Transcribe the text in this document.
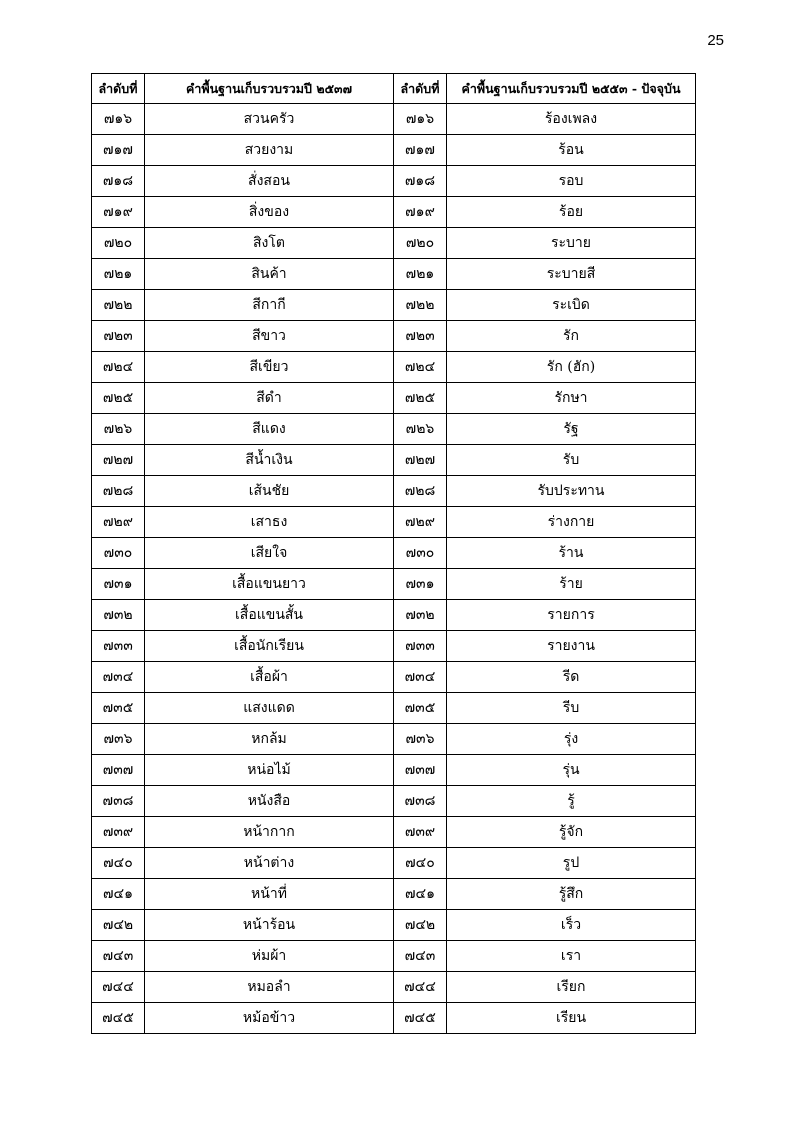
25
ลำดับที่	คำพื้นฐานเก็บรวบรวมปี ๒๕๓๗	ลำดับที่	คำพื้นฐานเก็บรวบรวมปี ๒๕๕๓ - ปัจจุบัน
๗๑๖	สวนครัว	๗๑๖	ร้องเพลง
๗๑๗	สวยงาม	๗๑๗	ร้อน
๗๑๘	สั่งสอน	๗๑๘	รอบ
๗๑๙	สิ่งของ	๗๑๙	ร้อย
๗๒๐	สิงโต	๗๒๐	ระบาย
๗๒๑	สินค้า	๗๒๑	ระบายสี
๗๒๒	สีกากี	๗๒๒	ระเบิด
๗๒๓	สีขาว	๗๒๓	รัก
๗๒๔	สีเขียว	๗๒๔	รัก (ฮัก)
๗๒๕	สีดำ	๗๒๕	รักษา
๗๒๖	สีแดง	๗๒๖	รัฐ
๗๒๗	สีน้ำเงิน	๗๒๗	รับ
๗๒๘	เส้นชัย	๗๒๘	รับประทาน
๗๒๙	เสาธง	๗๒๙	ร่างกาย
๗๓๐	เสียใจ	๗๓๐	ร้าน
๗๓๑	เสื้อแขนยาว	๗๓๑	ร้าย
๗๓๒	เสื้อแขนสั้น	๗๓๒	รายการ
๗๓๓	เสื้อนักเรียน	๗๓๓	รายงาน
๗๓๔	เสื้อผ้า	๗๓๔	รีด
๗๓๕	แสงแดด	๗๓๕	รีบ
๗๓๖	หกล้ม	๗๓๖	รุ่ง
๗๓๗	หน่อไม้	๗๓๗	รุ่น
๗๓๘	หนังสือ	๗๓๘	รู้
๗๓๙	หน้ากาก	๗๓๙	รู้จัก
๗๔๐	หน้าต่าง	๗๔๐	รูป
๗๔๑	หน้าที่	๗๔๑	รู้สึก
๗๔๒	หน้าร้อน	๗๔๒	เร็ว
๗๔๓	ห่มผ้า	๗๔๓	เรา
๗๔๔	หมอลำ	๗๔๔	เรียก
๗๔๕	หม้อข้าว	๗๔๕	เรียน
